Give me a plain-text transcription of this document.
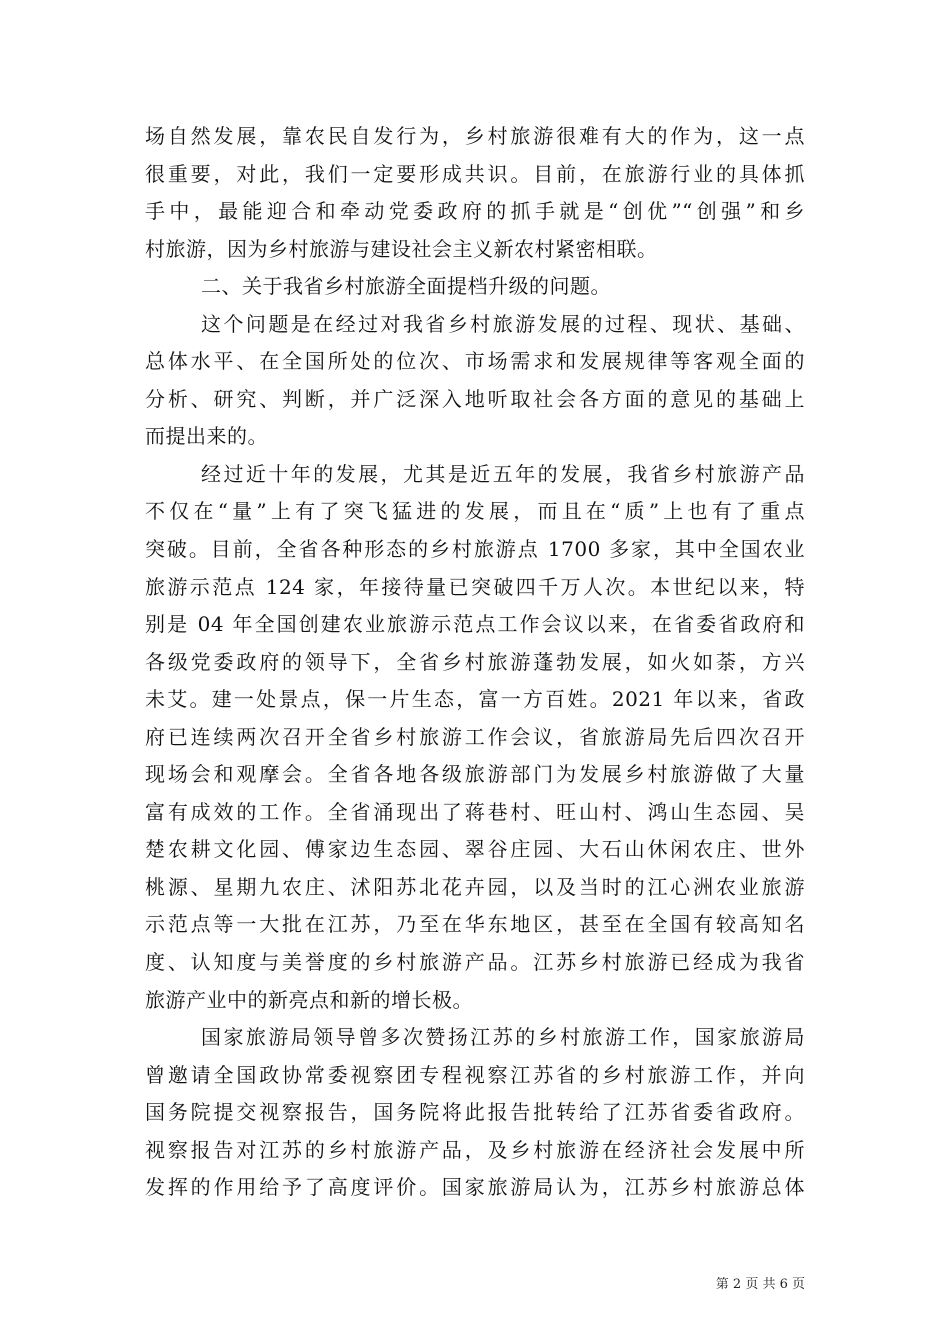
场自然发展，靠农民自发行为，乡村旅游很难有大的作为，这一点
很重要，对此，我们一定要形成共识。目前，在旅游行业的具体抓
手中，最能迎合和牵动党委政府的抓手就是“创优”“创强”和乡
村旅游，因为乡村旅游与建设社会主义新农村紧密相联。
二、关于我省乡村旅游全面提档升级的问题。
这个问题是在经过对我省乡村旅游发展的过程、现状、基础、
总体水平、在全国所处的位次、市场需求和发展规律等客观全面的
分析、研究、判断，并广泛深入地听取社会各方面的意见的基础上
而提出来的。
经过近十年的发展，尤其是近五年的发展，我省乡村旅游产品
不仅在“量”上有了突飞猛进的发展，而且在“质”上也有了重点
突破。目前，全省各种形态的乡村旅游点 1700 多家，其中全国农业
旅游示范点 124 家，年接待量已突破四千万人次。本世纪以来，特
别是 04 年全国创建农业旅游示范点工作会议以来，在省委省政府和
各级党委政府的领导下，全省乡村旅游蓬勃发展，如火如荼，方兴
未艾。建一处景点，保一片生态，富一方百姓。2021 年以来，省政
府已连续两次召开全省乡村旅游工作会议，省旅游局先后四次召开
现场会和观摩会。全省各地各级旅游部门为发展乡村旅游做了大量
富有成效的工作。全省涌现出了蒋巷村、旺山村、鸿山生态园、吴
楚农耕文化园、傅家边生态园、翠谷庄园、大石山休闲农庄、世外
桃源、星期九农庄、沭阳苏北花卉园，以及当时的江心洲农业旅游
示范点等一大批在江苏，乃至在华东地区，甚至在全国有较高知名
度、认知度与美誉度的乡村旅游产品。江苏乡村旅游已经成为我省
旅游产业中的新亮点和新的增长极。
国家旅游局领导曾多次赞扬江苏的乡村旅游工作，国家旅游局
曾邀请全国政协常委视察团专程视察江苏省的乡村旅游工作，并向
国务院提交视察报告，国务院将此报告批转给了江苏省委省政府。
视察报告对江苏的乡村旅游产品，及乡村旅游在经济社会发展中所
发挥的作用给予了高度评价。国家旅游局认为，江苏乡村旅游总体
第 2 页 共 6 页
